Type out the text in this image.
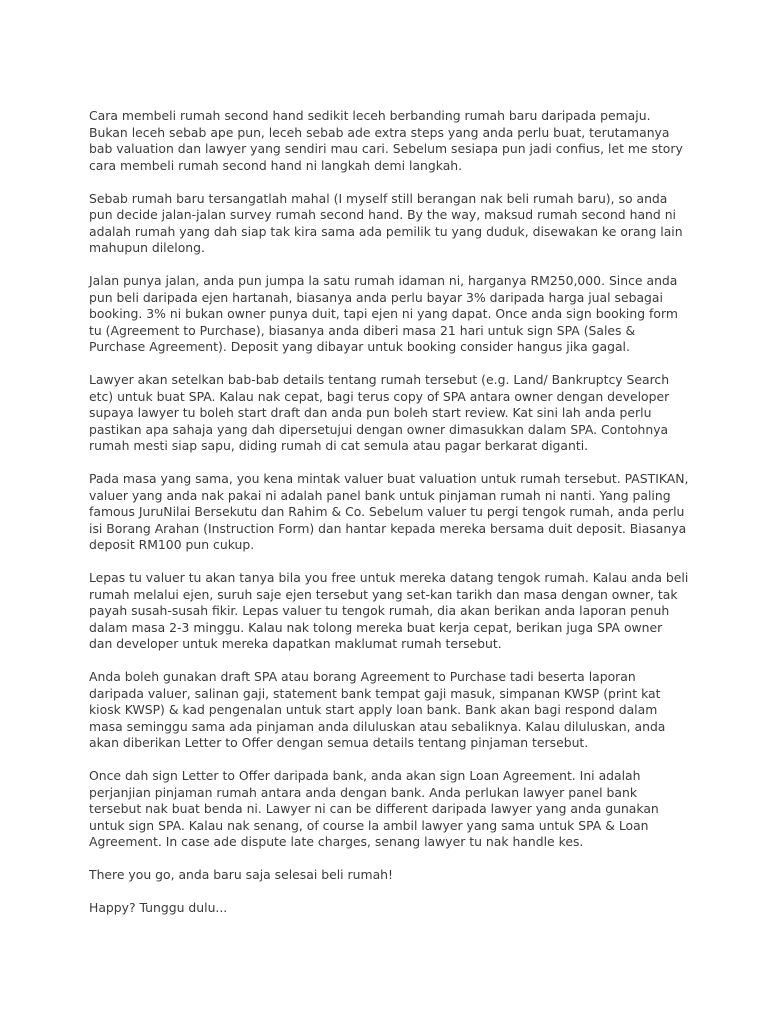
Cara membeli rumah second hand sedikit leceh berbanding rumah baru daripada pemaju. Bukan leceh sebab ape pun, leceh sebab ade extra steps yang anda perlu buat, terutamanya bab valuation dan lawyer yang sendiri mau cari. Sebelum sesiapa pun jadi confius, let me story cara membeli rumah second hand ni langkah demi langkah.

Sebab rumah baru tersangatlah mahal (I myself still berangan nak beli rumah baru), so anda pun decide jalan-jalan survey rumah second hand. By the way, maksud rumah second hand ni adalah rumah yang dah siap tak kira sama ada pemilik tu yang duduk, disewakan ke orang lain mahupun dilelong.

Jalan punya jalan, anda pun jumpa la satu rumah idaman ni, harganya RM250,000. Since anda pun beli daripada ejen hartanah, biasanya anda perlu bayar 3% daripada harga jual sebagai booking. 3% ni bukan owner punya duit, tapi ejen ni yang dapat. Once anda sign booking form tu (Agreement to Purchase), biasanya anda diberi masa 21 hari untuk sign SPA (Sales & Purchase Agreement). Deposit yang dibayar untuk booking consider hangus jika gagal.

Lawyer akan setelkan bab-bab details tentang rumah tersebut (e.g. Land/ Bankruptcy Search etc) untuk buat SPA. Kalau nak cepat, bagi terus copy of SPA antara owner dengan developer supaya lawyer tu boleh start draft dan anda pun boleh start review. Kat sini lah anda perlu pastikan apa sahaja yang dah dipersetujui dengan owner dimasukkan dalam SPA. Contohnya rumah mesti siap sapu, diding rumah di cat semula atau pagar berkarat diganti.

Pada masa yang sama, you kena mintak valuer buat valuation untuk rumah tersebut. PASTIKAN, valuer yang anda nak pakai ni adalah panel bank untuk pinjaman rumah ni nanti. Yang paling famous JuruNilai Bersekutu dan Rahim & Co. Sebelum valuer tu pergi tengok rumah, anda perlu isi Borang Arahan (Instruction Form) dan hantar kepada mereka bersama duit deposit. Biasanya deposit RM100 pun cukup.

Lepas tu valuer tu akan tanya bila you free untuk mereka datang tengok rumah. Kalau anda beli rumah melalui ejen, suruh saje ejen tersebut yang set-kan tarikh dan masa dengan owner, tak payah susah-susah fikir. Lepas valuer tu tengok rumah, dia akan berikan anda laporan penuh dalam masa 2-3 minggu. Kalau nak tolong mereka buat kerja cepat, berikan juga SPA owner dan developer untuk mereka dapatkan maklumat rumah tersebut.

Anda boleh gunakan draft SPA atau borang Agreement to Purchase tadi beserta laporan daripada valuer, salinan gaji, statement bank tempat gaji masuk, simpanan KWSP (print kat kiosk KWSP) & kad pengenalan untuk start apply loan bank. Bank akan bagi respond dalam masa seminggu sama ada pinjaman anda diluluskan atau sebaliknya. Kalau diluluskan, anda akan diberikan Letter to Offer dengan semua details tentang pinjaman tersebut.

Once dah sign Letter to Offer daripada bank, anda akan sign Loan Agreement. Ini adalah perjanjian pinjaman rumah antara anda dengan bank. Anda perlukan lawyer panel bank tersebut nak buat benda ni. Lawyer ni can be different daripada lawyer yang anda gunakan untuk sign SPA. Kalau nak senang, of course la ambil lawyer yang sama untuk SPA & Loan Agreement. In case ade dispute late charges, senang lawyer tu nak handle kes.

There you go, anda baru saja selesai beli rumah!

Happy? Tunggu dulu...
